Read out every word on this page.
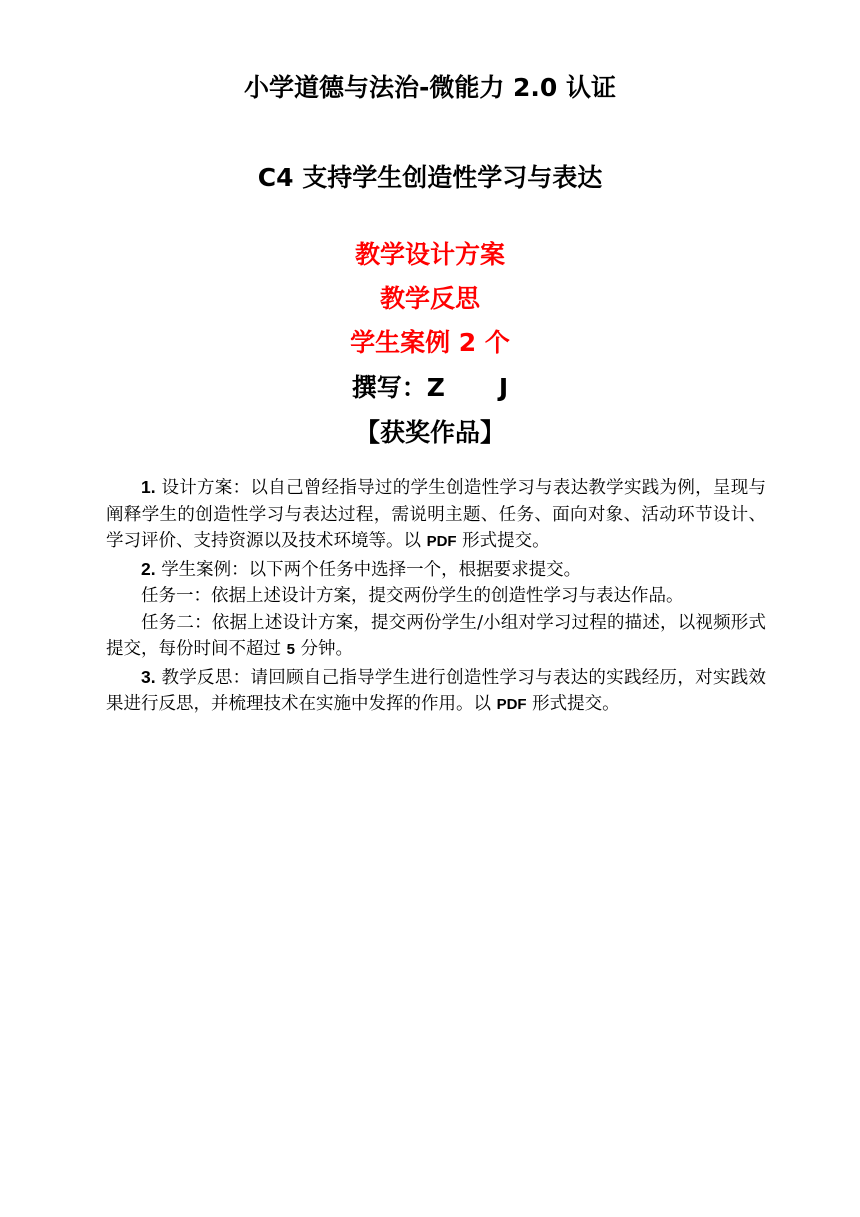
小学道德与法治-微能力 2.0 认证
C4 支持学生创造性学习与表达
教学设计方案
教学反思
学生案例 2 个
撰写：Z J
【获奖作品】

1. 设计方案：以自己曾经指导过的学生创造性学习与表达教学实践为例，呈现与阐释学生的创造性学习与表达过程，需说明主题、任务、面向对象、活动环节设计、学习评价、支持资源以及技术环境等。以 PDF 形式提交。

2. 学生案例：以下两个任务中选择一个，根据要求提交。

任务一：依据上述设计方案，提交两份学生的创造性学习与表达作品。

任务二：依据上述设计方案，提交两份学生/小组对学习过程的描述，以视频形式提交，每份时间不超过 5 分钟。

3. 教学反思：请回顾自己指导学生进行创造性学习与表达的实践经历，对实践效果进行反思，并梳理技术在实施中发挥的作用。以 PDF 形式提交。
